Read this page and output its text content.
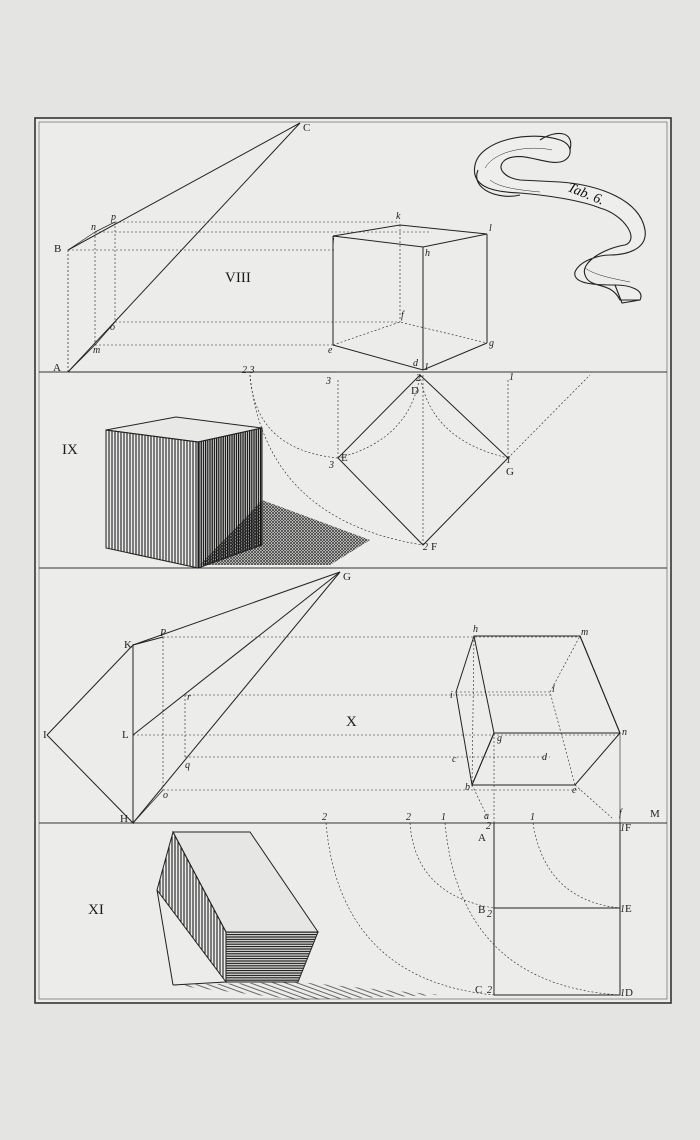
Tab. 6.
VIII
C
B
A
n
p
o
m
k
l
i
h
f
g
e
d 1
IX
2.3
3	2
D
1
E
3
G
1
F
2
X
G
K
P
I	L
r
q
o
H
h	m
i
l
g
n
c	d
b	e
a	f	M
XI
2	2	1	1
A
2	F
1
B 2	E
1
C 2	D
1
